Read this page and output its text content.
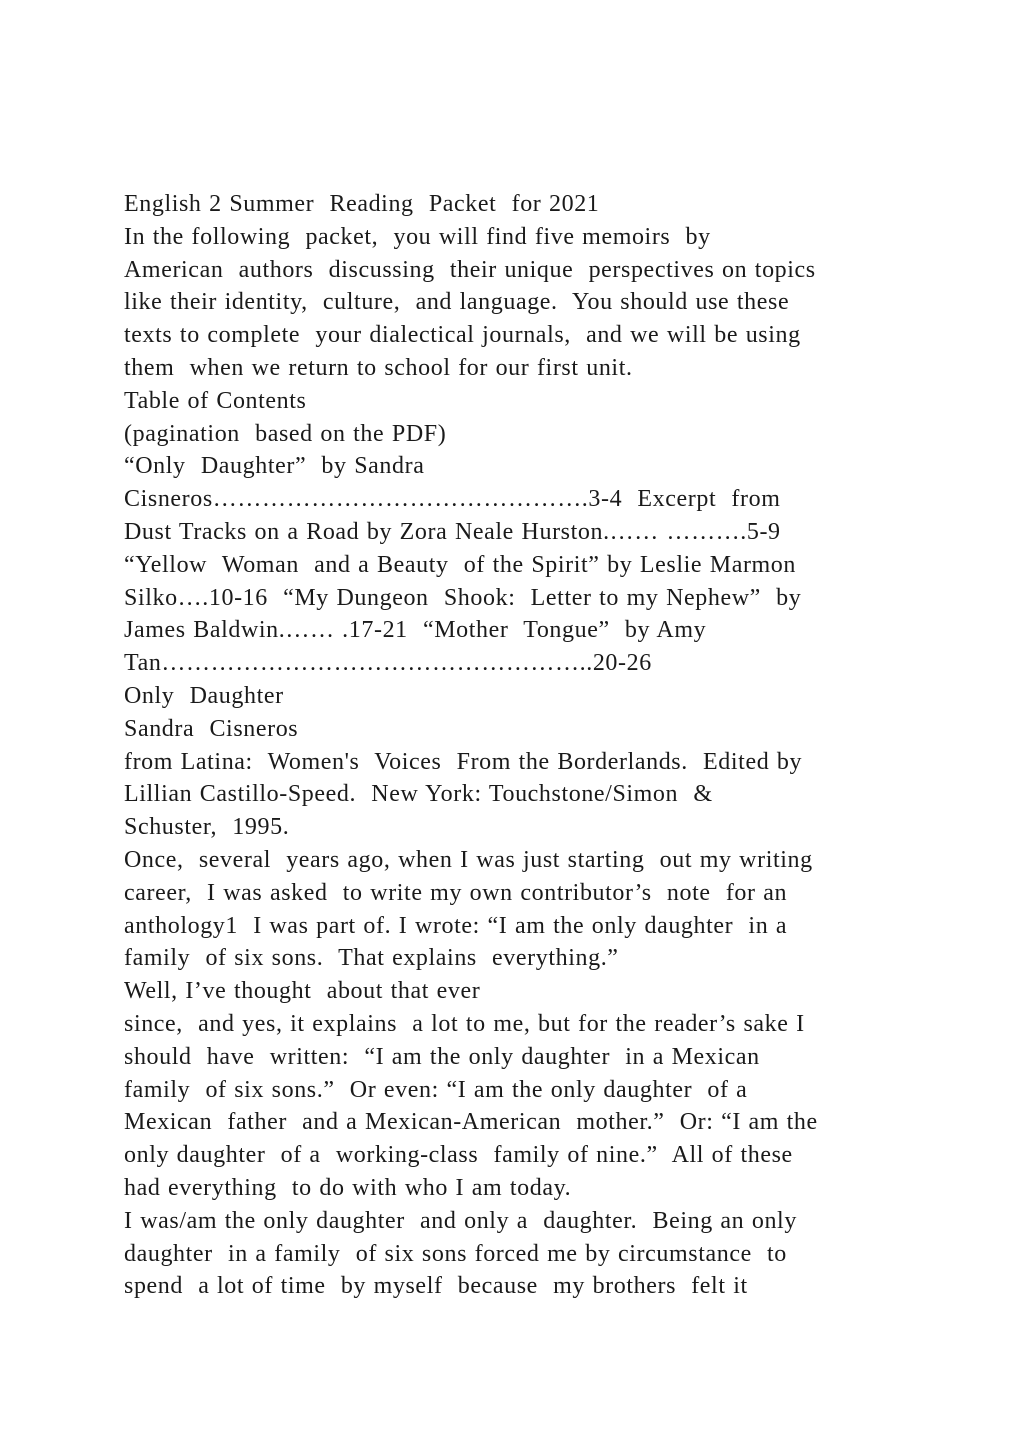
English 2 Summer  Reading  Packet  for 2021
In the following  packet,  you will find five memoirs  by
American  authors  discussing  their unique  perspectives on topics
like their identity,  culture,  and language.  You should use these
texts to complete  your dialectical journals,  and we will be using
them  when we return to school for our first unit.
Table of Contents
(pagination  based on the PDF)
“Only  Daughter”  by Sandra
Cisneros……………………………………….3-4  Excerpt  from
Dust Tracks on a Road by Zora Neale Hurston.…… ……….5-9
“Yellow  Woman  and a Beauty  of the Spirit” by Leslie Marmon
Silko….10-16  “My Dungeon  Shook:  Letter to my Nephew”  by
James Baldwin.…… .17-21  “Mother  Tongue”  by Amy
Tan……………………………………………..20-26
Only  Daughter
Sandra  Cisneros
from Latina:  Women's  Voices  From the Borderlands.  Edited by
Lillian Castillo-Speed.  New York: Touchstone/Simon  &
Schuster,  1995.
Once,  several  years ago, when I was just starting  out my writing
career,  I was asked  to write my own contributor’s  note  for an
anthology1  I was part of. I wrote: “I am the only daughter  in a
family  of six sons.  That explains  everything.”
Well, I’ve thought  about that ever
since,  and yes, it explains  a lot to me, but for the reader’s sake I
should  have  written:  “I am the only daughter  in a Mexican
family  of six sons.”  Or even: “I am the only daughter  of a
Mexican  father  and a Mexican-American  mother.”  Or: “I am the
only daughter  of a  working-class  family of nine.”  All of these
had everything  to do with who I am today.
I was/am the only daughter  and only a  daughter.  Being an only
daughter  in a family  of six sons forced me by circumstance  to
spend  a lot of time  by myself  because  my brothers  felt it
